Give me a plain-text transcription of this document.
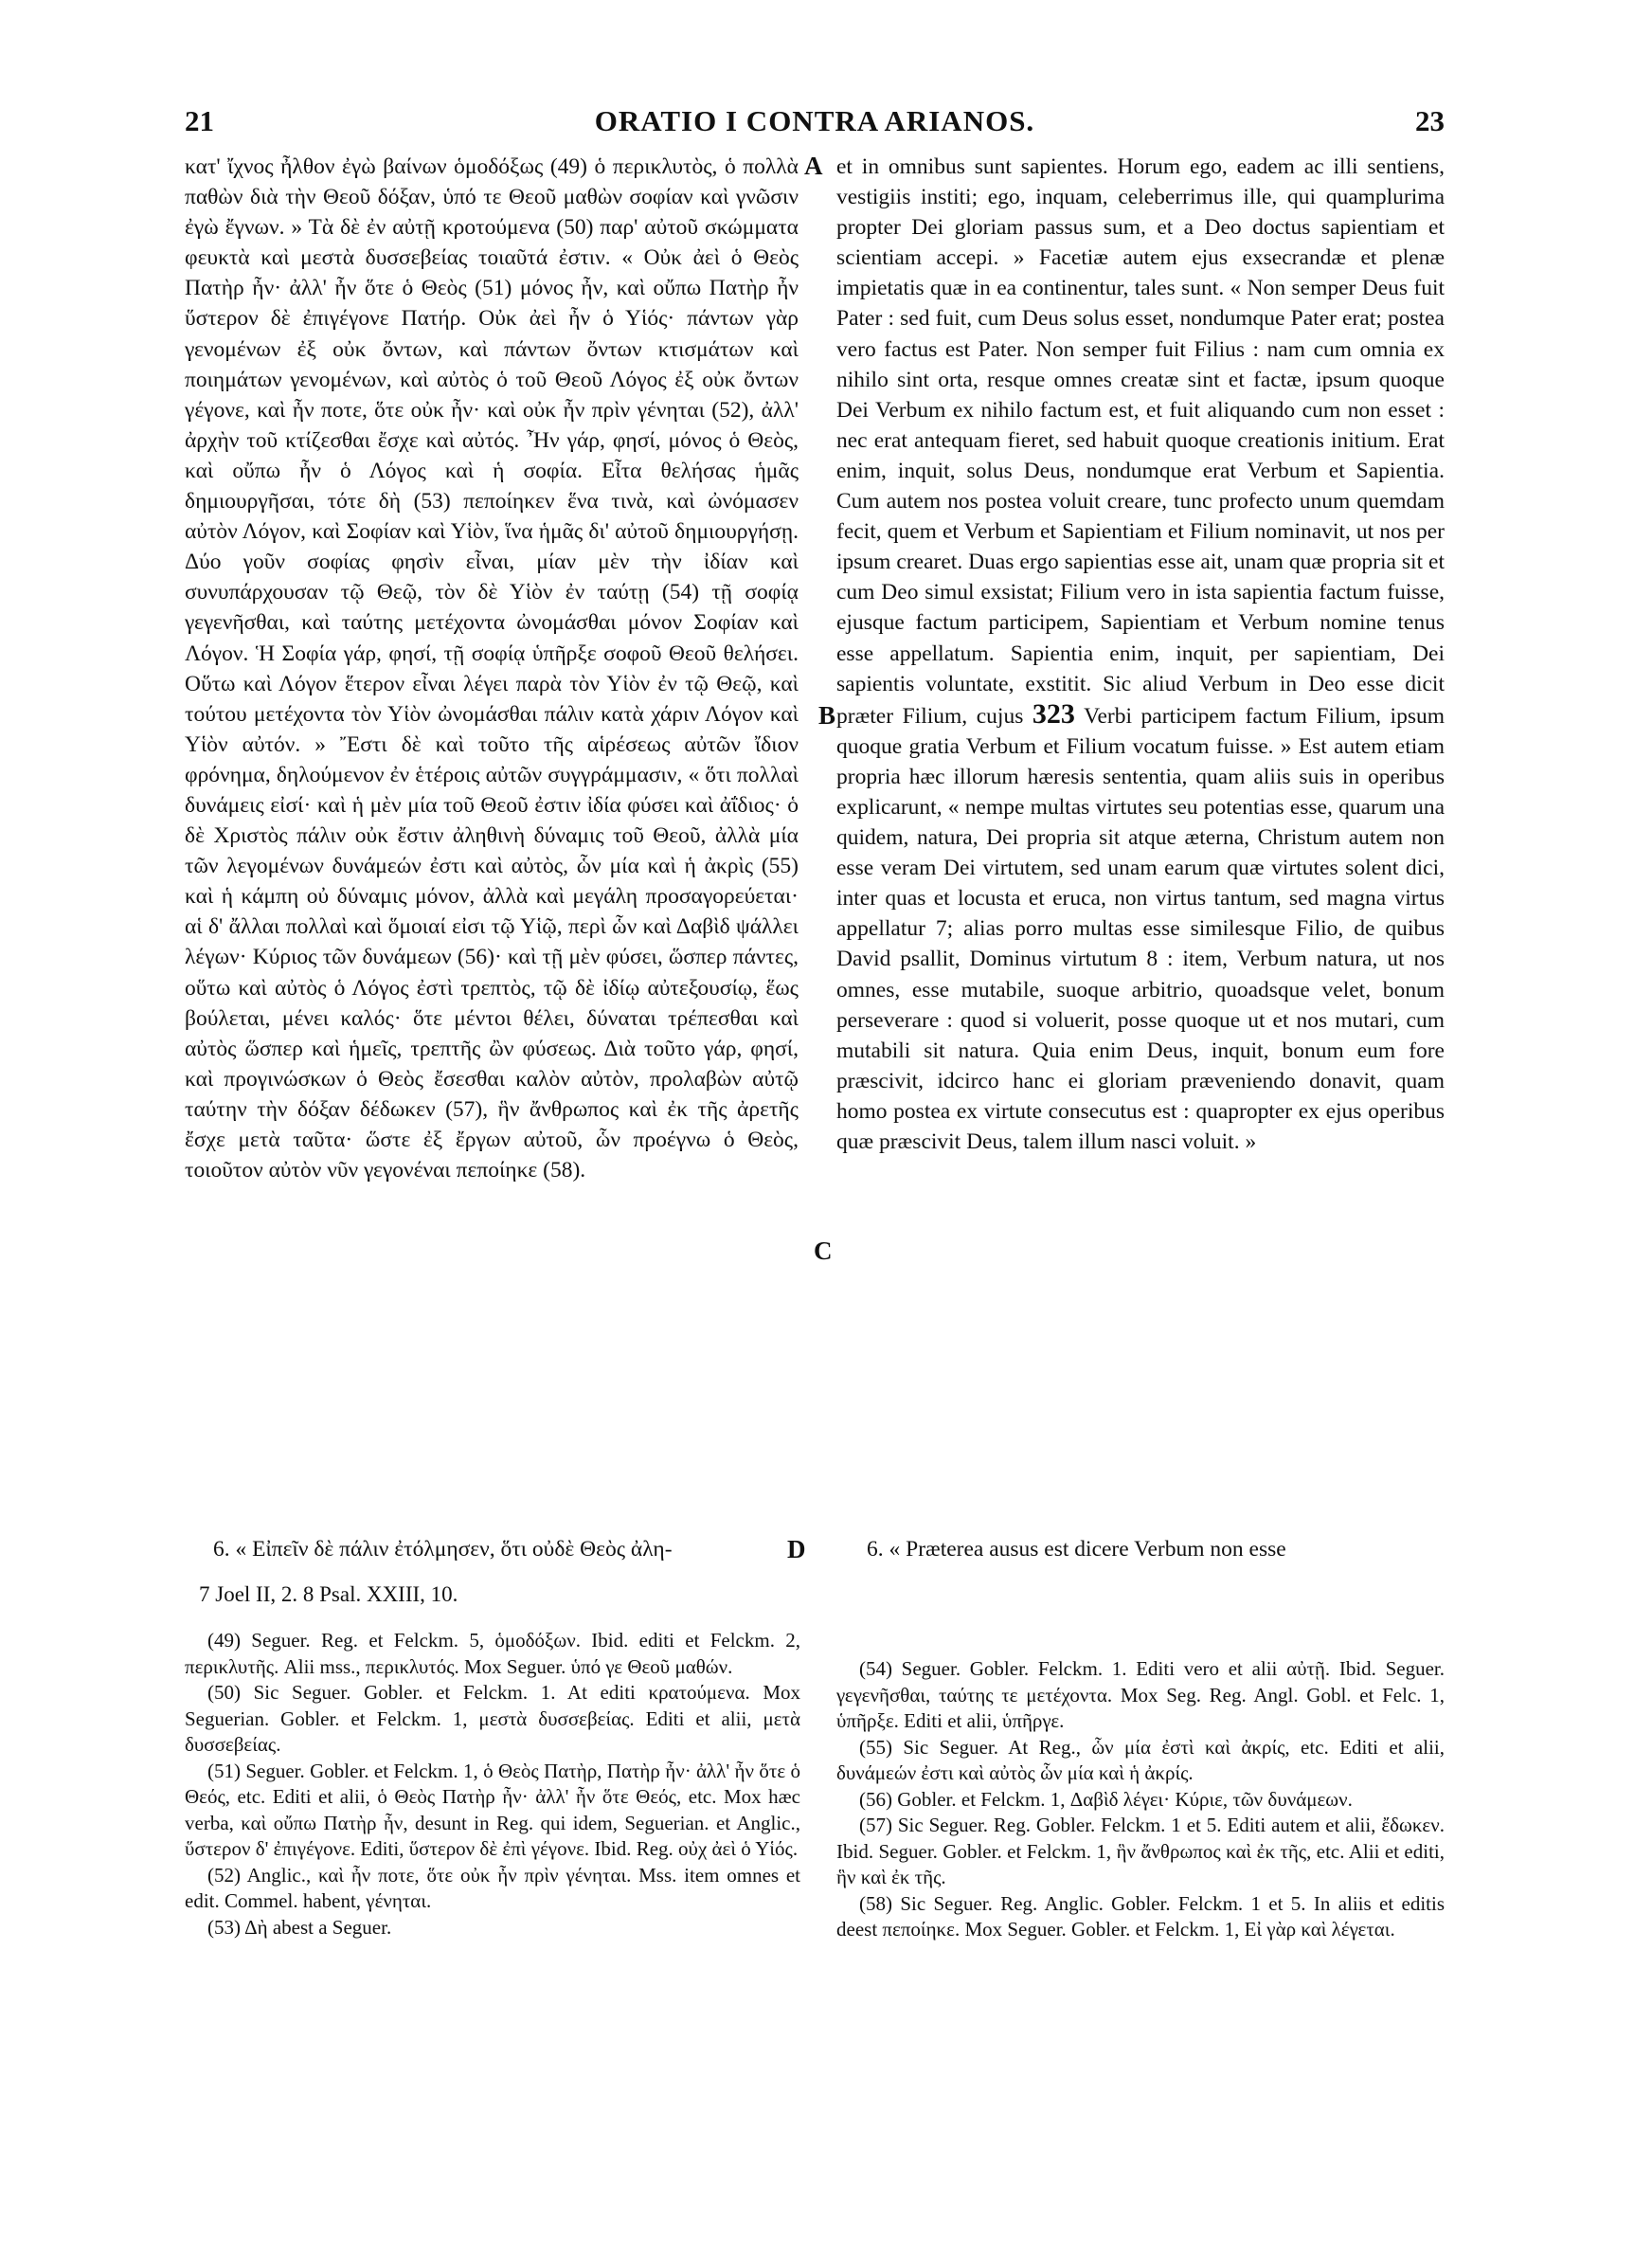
21	ORATIO I CONTRA ARIANOS.	23

κατ' ἴχνος ἦλθον ἐγὼ βαίνων ὁμοδόξως (49) ὁ περικλυτὸς, ὁ πολλὰ παθὼν διὰ τὴν Θεοῦ δόξαν, ὑπό τε Θεοῦ μαθὼν σοφίαν καὶ γνῶσιν ἐγὼ ἔγνων. » Τὰ δὲ ἐν αὐτῇ κροτούμενα (50) παρ' αὐτοῦ σκώμματα φευκτὰ καὶ μεστὰ δυσσεβείας τοιαῦτά ἐστιν. « Οὐκ ἀεὶ ὁ Θεὸς Πατὴρ ἦν· ἀλλ' ἦν ὅτε ὁ Θεὸς (51) μόνος ἦν, καὶ οὔπω Πατὴρ ἦν ὕστερον δὲ ἐπιγέγονε Πατήρ. Οὐκ ἀεὶ ἦν ὁ Υἱός· πάντων γὰρ γενομένων ἐξ οὐκ ὄντων, καὶ πάντων ὄντων κτισμάτων καὶ ποιημάτων γενομένων, καὶ αὐτὸς ὁ τοῦ Θεοῦ Λόγος ἐξ οὐκ ὄντων γέγονε, καὶ ἦν ποτε, ὅτε οὐκ ἦν· καὶ οὐκ ἦν πρὶν γένηται (52), ἀλλ' ἀρχὴν τοῦ κτίζεσθαι ἔσχε καὶ αὐτός. Ἦν γάρ, φησί, μόνος ὁ Θεὸς, καὶ οὔπω ἦν ὁ Λόγος καὶ ἡ σοφία. Εἶτα θελήσας ἡμᾶς δημιουργῆσαι, τότε δὴ (53) πεποίηκεν ἕνα τινὰ, καὶ ὠνόμασεν αὐτὸν Λόγον, καὶ Σοφίαν καὶ Υἱὸν, ἵνα ἡμᾶς δι' αὐτοῦ δημιουργήσῃ. Δύο γοῦν σοφίας φησὶν εἶναι, μίαν μὲν τὴν ἰδίαν καὶ συνυπάρχουσαν τῷ Θεῷ, τὸν δὲ Υἱὸν ἐν ταύτῃ (54) τῇ σοφίᾳ γεγενῆσθαι, καὶ ταύτης μετέχοντα ὠνομάσθαι μόνον Σοφίαν καὶ Λόγον. Ἡ Σοφία γάρ, φησί, τῇ σοφίᾳ ὑπῆρξε σοφοῦ Θεοῦ θελήσει. Οὕτω καὶ Λόγον ἕτερον εἶναι λέγει παρὰ τὸν Υἱὸν ἐν τῷ Θεῷ, καὶ τούτου μετέχοντα τὸν Υἱὸν ὠνομάσθαι πάλιν κατὰ χάριν Λόγον καὶ Υἱὸν αὐτόν. » Ἔστι δὲ καὶ τοῦτο τῆς αἱρέσεως αὐτῶν ἴδιον φρόνημα, δηλούμενον ἐν ἑτέροις αὐτῶν συγγράμμασιν, « ὅτι πολλαὶ δυνάμεις εἰσί· καὶ ἡ μὲν μία τοῦ Θεοῦ ἐστιν ἰδία φύσει καὶ ἀΐδιος· ὁ δὲ Χριστὸς πάλιν οὐκ ἔστιν ἀληθινὴ δύναμις τοῦ Θεοῦ, ἀλλὰ μία τῶν λεγομένων δυνάμεών ἐστι καὶ αὐτὸς, ὧν μία καὶ ἡ ἀκρὶς (55) καὶ ἡ κάμπη οὐ δύναμις μόνον, ἀλλὰ καὶ μεγάλη προσαγορεύεται· αἱ δ' ἄλλαι πολλαὶ καὶ ὅμοιαί εἰσι τῷ Υἱῷ, περὶ ὧν καὶ Δαβὶδ ψάλλει λέγων· Κύριος τῶν δυνάμεων (56)· καὶ τῇ μὲν φύσει, ὥσπερ πάντες, οὕτω καὶ αὐτὸς ὁ Λόγος ἐστὶ τρεπτὸς, τῷ δὲ ἰδίῳ αὐτεξουσίῳ, ἕως βούλεται, μένει καλός· ὅτε μέντοι θέλει, δύναται τρέπεσθαι καὶ αὐτὸς ὥσπερ καὶ ἡμεῖς, τρεπτῆς ὢν φύσεως. Διὰ τοῦτο γάρ, φησί, καὶ προγινώσκων ὁ Θεὸς ἔσεσθαι καλὸν αὐτὸν, προλαβὼν αὐτῷ ταύτην τὴν δόξαν δέδωκεν (57), ἣν ἄνθρωπος καὶ ἐκ τῆς ἀρετῆς ἔσχε μετὰ ταῦτα· ὥστε ἐξ ἔργων αὐτοῦ, ὧν προέγνω ὁ Θεὸς, τοιοῦτον αὐτὸν νῦν γεγονέναι πεποίηκε (58).

et in omnibus sunt sapientes. Horum ego, eadem ac illi sentiens, vestigiis institi; ego, inquam, celeberrimus ille, qui quamplurima propter Dei gloriam passus sum, et a Deo doctus sapientiam et scientiam accepi. » Facetiæ autem ejus exsecrandæ et plenæ impietatis quæ in ea continentur, tales sunt. « Non semper Deus fuit Pater : sed fuit, cum Deus solus esset, nondumque Pater erat; postea vero factus est Pater. Non semper fuit Filius : nam cum omnia ex nihilo sint orta, resque omnes creatæ sint et factæ, ipsum quoque Dei Verbum ex nihilo factum est, et fuit aliquando cum non esset : nec erat antequam fieret, sed habuit quoque creationis initium. Erat enim, inquit, solus Deus, nondumque erat Verbum et Sapientia. Cum autem nos postea voluit creare, tunc profecto unum quemdam fecit, quem et Verbum et Sapientiam et Filium nominavit, ut nos per ipsum crearet. Duas ergo sapientias esse ait, unam quæ propria sit et cum Deo simul exsistat; Filium vero in ista sapientia factum fuisse, ejusque factum participem, Sapientiam et Verbum nomine tenus esse appellatum. Sapientia enim, inquit, per sapientiam, Dei sapientis voluntate, exstitit. Sic aliud Verbum in Deo esse dicit præter Filium, cujus 323 Verbi participem factum Filium, ipsum quoque gratia Verbum et Filium vocatum fuisse. » Est autem etiam propria hæc illorum hæresis sententia, quam aliis suis in operibus explicarunt, « nempe multas virtutes seu potentias esse, quarum una quidem, natura, Dei propria sit atque æterna, Christum autem non esse veram Dei virtutem, sed unam earum quæ virtutes solent dici, inter quas et locusta et eruca, non virtus tantum, sed magna virtus appellatur 7; alias porro multas esse similesque Filio, de quibus David psallit, Dominus virtutum 8 : item, Verbum natura, ut nos omnes, esse mutabile, suoque arbitrio, quoadsque velet, bonum perseverare : quod si voluerit, posse quoque ut et nos mutari, cum mutabili sit natura. Quia enim Deus, inquit, bonum eum fore præscivit, idcirco hanc ei gloriam præveniendo donavit, quam homo postea ex virtute consecutus est : quapropter ex ejus operibus quæ præscivit Deus, talem illum nasci voluit. »

A
B
C
D
6. « Εἰπεῖν δὲ πάλιν ἐτόλμησεν, ὅτι οὐδὲ Θεὸς ἀλη-	6. « Præterea ausus est dicere Verbum non esse
7 Joel II, 2. 8 Psal. XXIII, 10.

(49) Seguer. Reg. et Felckm. 5, ὁμοδόξων. Ibid. editi et Felckm. 2, περικλυτῆς. Alii mss., περικλυτός. Mox Seguer. ὑπό γε Θεοῦ μαθών.

(50) Sic Seguer. Gobler. et Felckm. 1. At editi κρατούμενα. Mox Seguerian. Gobler. et Felckm. 1, μεστὰ δυσσεβείας. Editi et alii, μετὰ δυσσεβείας.

(51) Seguer. Gobler. et Felckm. 1, ὁ Θεὸς Πατὴρ, Πατὴρ ἦν· ἀλλ' ἦν ὅτε ὁ Θεός, etc. Editi et alii, ὁ Θεὸς Πατὴρ ἦν· ἀλλ' ἦν ὅτε Θεός, etc. Mox hæc verba, καὶ οὔπω Πατὴρ ἦν, desunt in Reg. qui idem, Seguerian. et Anglic., ὕστερον δ' ἐπιγέγονε. Editi, ὕστερον δὲ ἐπὶ γέγονε. Ibid. Reg. οὐχ ἀεὶ ὁ Υἱός.

(52) Anglic., καὶ ἦν ποτε, ὅτε οὐκ ἦν πρὶν γένηται. Mss. item omnes et edit. Commel. habent, γένηται.

(53) Δὴ abest a Seguer.

(54) Seguer. Gobler. Felckm. 1. Editi vero et alii αὐτῇ. Ibid. Seguer. γεγενῆσθαι, ταύτης τε μετέχοντα. Mox Seg. Reg. Angl. Gobl. et Felc. 1, ὑπῆρξε. Editi et alii, ὑπῆργε.

(55) Sic Seguer. At Reg., ὧν μία ἐστὶ καὶ ἀκρίς, etc. Editi et alii, δυνάμεών ἐστι καὶ αὐτὸς ὧν μία καὶ ἡ ἀκρίς.

(56) Gobler. et Felckm. 1, Δαβὶδ λέγει· Κύριε, τῶν δυνάμεων.

(57) Sic Seguer. Reg. Gobler. Felckm. 1 et 5. Editi autem et alii, ἔδωκεν. Ibid. Seguer. Gobler. et Felckm. 1, ἣν ἄνθρωπος καὶ ἐκ τῆς, etc. Alii et editi, ἣν καὶ ἐκ τῆς.

(58) Sic Seguer. Reg. Anglic. Gobler. Felckm. 1 et 5. In aliis et editis deest πεποίηκε. Mox Seguer. Gobler. et Felckm. 1, Εἰ γὰρ καὶ λέγεται.
